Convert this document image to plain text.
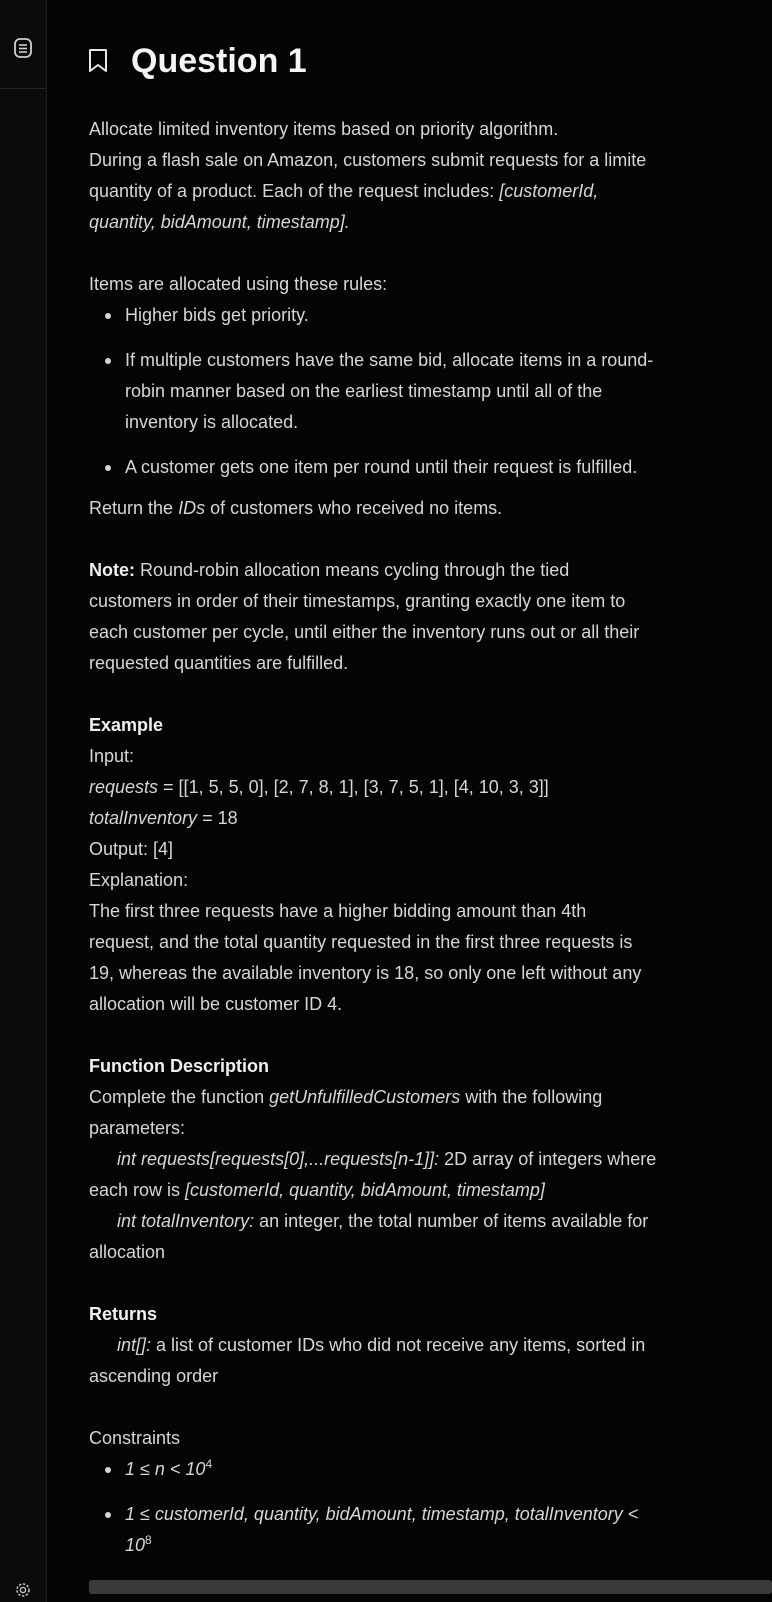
Question 1

Allocate limited inventory items based on priority algorithm.

During a flash sale on Amazon, customers submit requests for a limite

quantity of a product. Each of the request includes: [customerId,

quantity, bidAmount, timestamp].

Items are allocated using these rules:

Higher bids get priority.
If multiple customers have the same bid, allocate items in a round-
robin manner based on the earliest timestamp until all of the
inventory is allocated.
A customer gets one item per round until their request is fulfilled.

Return the IDs of customers who received no items.

Note: Round-robin allocation means cycling through the tied

customers in order of their timestamps, granting exactly one item to

each customer per cycle, until either the inventory runs out or all their

requested quantities are fulfilled.

Example

Input:

requests = [[1, 5, 5, 0], [2, 7, 8, 1], [3, 7, 5, 1], [4, 10, 3, 3]]

totalInventory = 18

Output: [4]

Explanation:

The first three requests have a higher bidding amount than 4th

request, and the total quantity requested in the first three requests is

19, whereas the available inventory is 18, so only one left without any

allocation will be customer ID 4.

Function Description

Complete the function getUnfulfilledCustomers with the following

parameters:

int requests[requests[0],...requests[n-1]]: 2D array of integers where

each row is [customerId, quantity, bidAmount, timestamp]

int totalInventory: an integer, the total number of items available for

allocation

Returns

int[]: a list of customer IDs who did not receive any items, sorted in

ascending order

Constraints

$1 \le n < 10^4$
1 ≤ customerId, quantity, bidAmount, timestamp, totalInventory <
$10^8$
